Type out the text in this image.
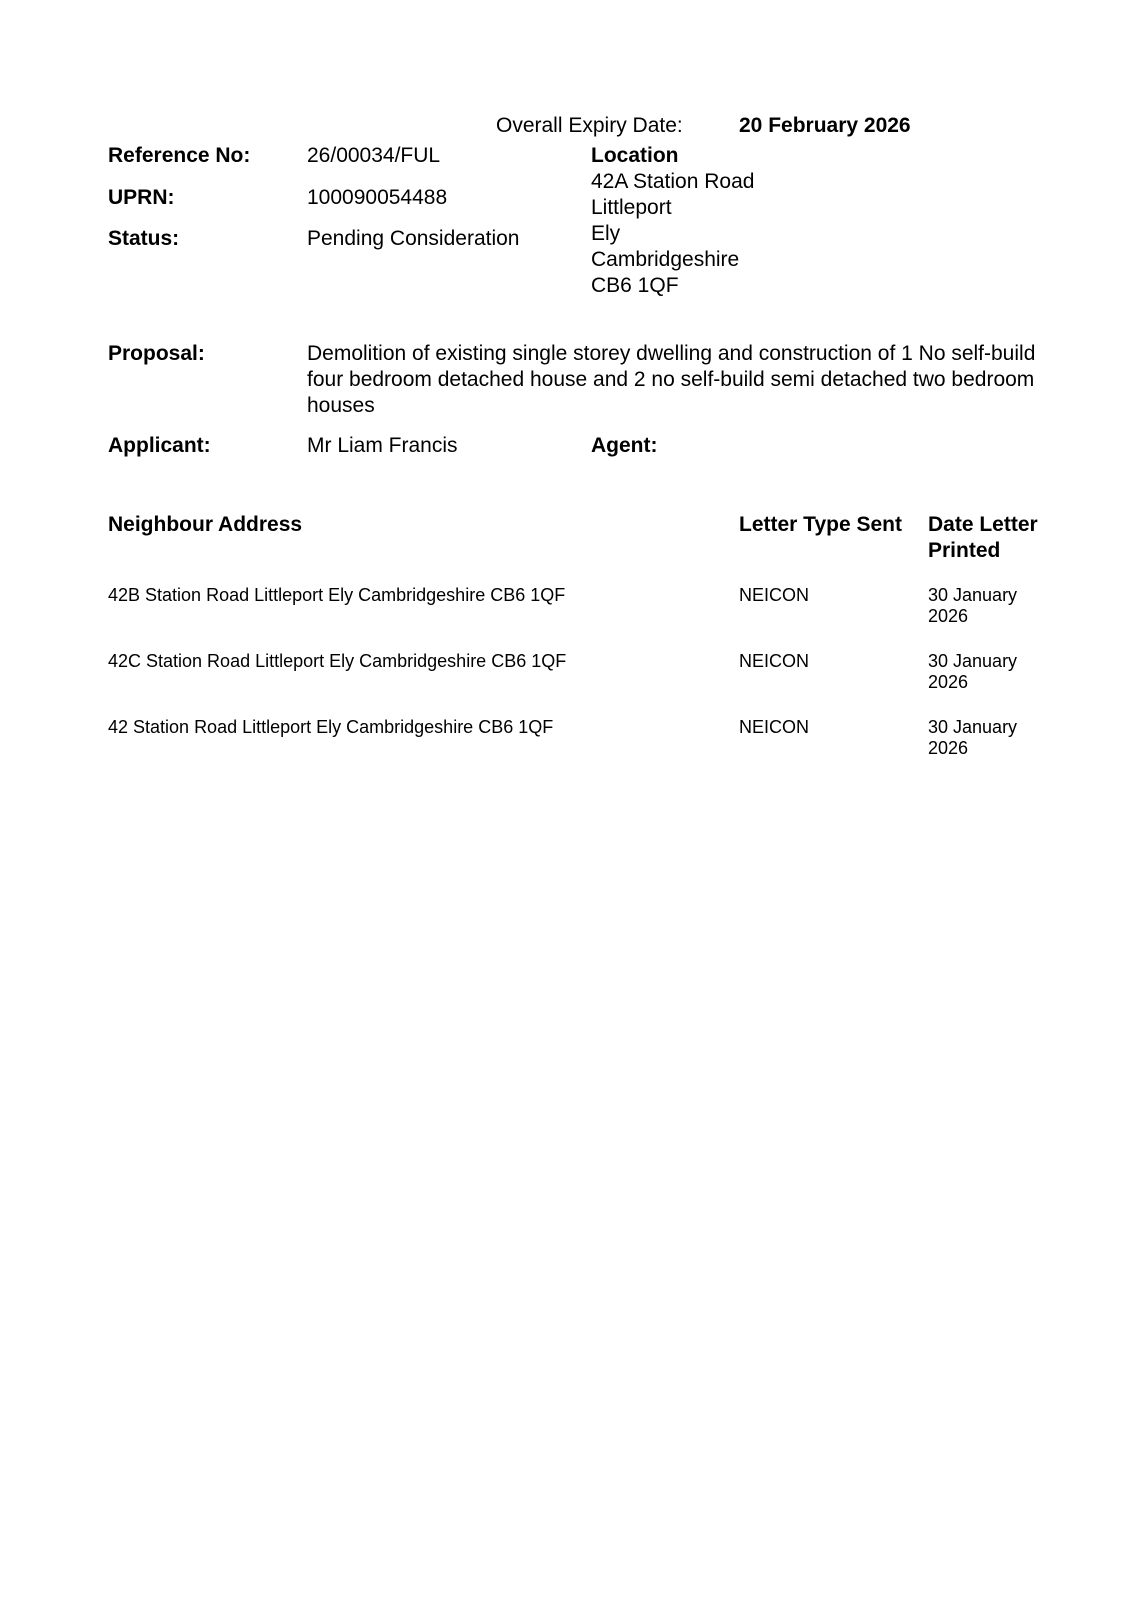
Overall Expiry Date:	20 February 2026
Reference No:	26/00034/FUL
UPRN:	100090054488
Status:	Pending Consideration
Location
42A Station Road
Littleport
Ely
Cambridgeshire
CB6 1QF
Proposal:	Demolition of existing single storey dwelling and construction of 1 No self-build four bedroom detached house and 2 no self-build semi detached two bedroom houses
Applicant:	Mr Liam Francis	Agent:
Neighbour Address	Letter Type Sent	Date Letter Printed
42B Station Road Littleport Ely Cambridgeshire CB6 1QF	NEICON	30 January 2026
42C Station Road Littleport Ely Cambridgeshire CB6 1QF	NEICON	30 January 2026
42 Station Road Littleport Ely Cambridgeshire CB6 1QF	NEICON	30 January 2026
